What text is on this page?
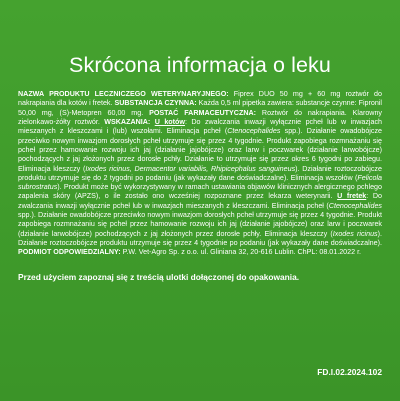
Skrócona informacja o leku
NAZWA PRODUKTU LECZNICZEGO WETERYNARYJNEGO: Fiprex DUO 50 mg + 60 mg roztwór do nakrapiania dla kotów i fretek. SUBSTANCJA CZYNNA: Każda 0,5 ml pipetka zawiera: substancje czynne: Fipronil 50,00 mg, (S)-Metopren 60,00 mg. POSTAĆ FARMACEUTYCZNA: Roztwór do nakrapiania. Klarowny zielonkawo-żółty roztwór. WSKAZANIA: U kotów: Do zwalczania inwazji wyłącznie pcheł lub w inwazjach mieszanych z kleszczami i (lub) wszołami. Eliminacja pcheł (Ctenocephalides spp.). Działanie owadobójcze przeciwko nowym inwazjom dorosłych pcheł utrzymuje się przez 4 tygodnie. Produkt zapobiega rozmnażaniu się pcheł przez hamowanie rozwoju ich jaj (działanie jajobójcze) oraz larw i poczwarek (działanie larwobójcze) pochodzących z jaj złożonych przez dorosłe pchły. Działanie to utrzymuje się przez okres 6 tygodni po zabiegu. Eliminacja kleszczy (Ixodes ricinus, Dermacentor variabilis, Rhipicephalus sanguineus). Działanie roztoczobójcze produktu utrzymuje się do 2 tygodni po podaniu (jak wykazały dane doświadczalne). Eliminacja wszołów (Felicola subrostratus). Produkt może być wykorzystywany w ramach ustawiania objawów klinicznych alergicznego pchlego zapalenia skóry (APZS), o ile zostało ono wcześniej rozpoznane przez lekarza weterynarii. U fretek: Do zwalczania inwazji wyłącznie pcheł lub w inwazjach mieszanych z kleszczami. Eliminacja pcheł (Ctenocephalides spp.). Działanie owadobójcze przeciwko nowym inwazjom dorosłych pcheł utrzymuje się przez 4 tygodnie. Produkt zapobiega rozmnażaniu się pcheł przez hamowanie rozwoju ich jaj (działanie jajobójcze) oraz larw i poczwarek (działanie larwobójcze) pochodzących z jaj złożonych przez dorosłe pchły. Eliminacja kleszczy (Ixodes ricinus). Działanie roztoczobójcze produktu utrzymuje się przez 4 tygodnie po podaniu (jak wykazały dane doświadczalne). PODMIOT ODPOWIEDZIALNY: P.W. Vet-Agro Sp. z o.o. ul. Gliniana 32, 20-616 Lublin. ChPL: 08.01.2022 r.
Przed użyciem zapoznaj się z treścią ulotki dołączonej do opakowania.
FD.I.02.2024.102
